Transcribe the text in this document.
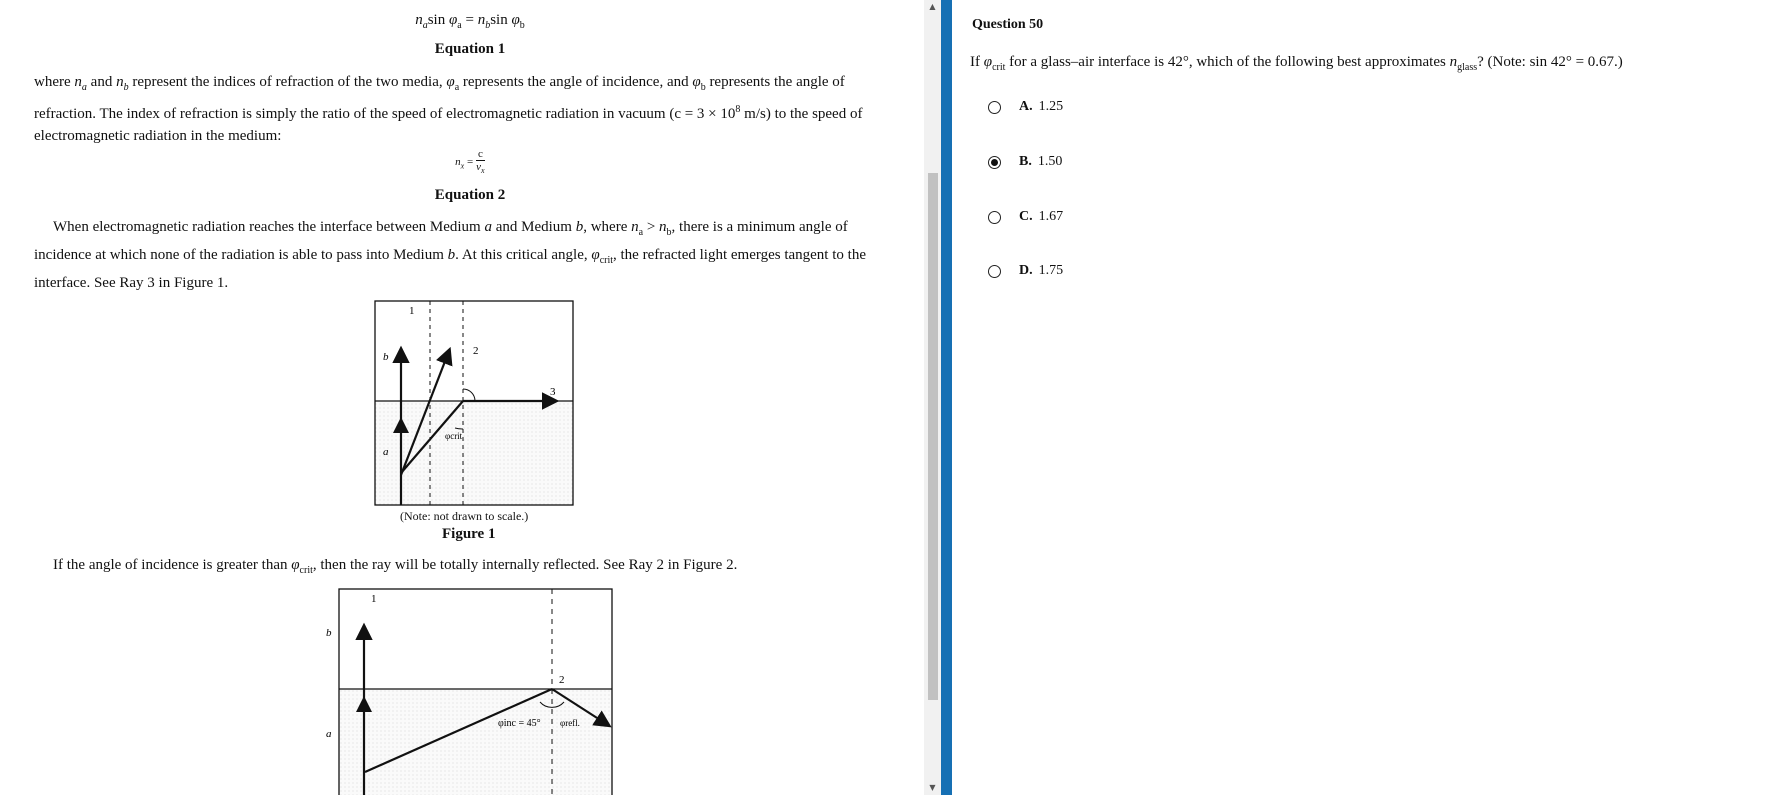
$n_a\sin$ $\varphi_a = n_b\sin$ $\varphi_b$
Equation 1
where $n_a$ and $n_b$ represent the indices of refraction of the two media, $\varphi_a$ represents the angle of incidence, and $\varphi_b$ represents the angle of
refraction. The index of refraction is simply the ratio of the speed of electromagnetic radiation in vacuum ($c = 3 \times 10^8$ m/s) to the speed of
electromagnetic radiation in the medium:
$n_x = \frac{c}{v_x}$
Equation 2
When electromagnetic radiation reaches the interface between Medium a and Medium b, where $n_a > n_b$, there is a minimum angle of
incidence at which none of the radiation is able to pass into Medium b. At this critical angle, $\varphi_{crit}$, the refracted light emerges tangent to the
interface. See Ray 3 in Figure 1.
b
a
1
2
3
φcrit
(Note: not drawn to scale.)
Figure 1
If the angle of incidence is greater than $\varphi_{crit}$, then the ray will be totally internally reflected. See Ray 2 in Figure 2.
b
a
1
2
φinc = 45° φrefl.
▲
▼
Question 50
If $\varphi_{crit}$ for a glass–air interface is 42°, which of the following best approximates $n_{glass}$? (Note: sin 42° = 0.67.)
A. 1.25
B. 1.50
C. 1.67
D. 1.75
